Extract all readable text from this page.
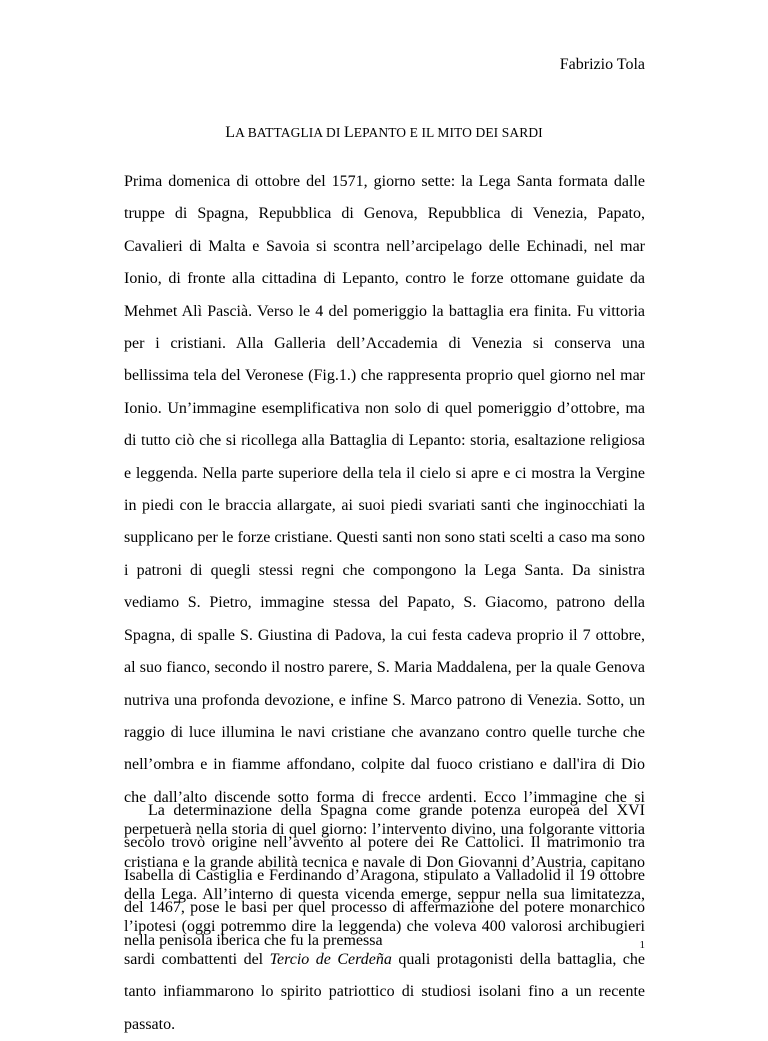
Fabrizio Tola
LA BATTAGLIA DI LEPANTO E IL MITO DEI SARDI

Prima domenica di ottobre del 1571, giorno sette: la Lega Santa formata dalle truppe di Spagna, Repubblica di Genova, Repubblica di Venezia, Papato, Cavalieri di Malta e Savoia si scontra nell’arcipelago delle Echinadi, nel mar Ionio, di fronte alla cittadina di Lepanto, contro le forze ottomane guidate da Mehmet Alì Pascià. Verso le 4 del pomeriggio la battaglia era finita. Fu vittoria per i cristiani. Alla Galleria dell’Accademia di Venezia si conserva una bellissima tela del Veronese (Fig.1.) che rappresenta proprio quel giorno nel mar Ionio. Un’immagine esemplificativa non solo di quel pomeriggio d’ottobre, ma di tutto ciò che si ricollega alla Battaglia di Lepanto: storia, esaltazione religiosa e leggenda. Nella parte superiore della tela il cielo si apre e ci mostra la Vergine in piedi con le braccia allargate, ai suoi piedi svariati santi che inginocchiati la supplicano per le forze cristiane. Questi santi non sono stati scelti a caso ma sono i patroni di quegli stessi regni che compongono la Lega Santa. Da sinistra vediamo S. Pietro, immagine stessa del Papato, S. Giacomo, patrono della Spagna, di spalle S. Giustina di Padova, la cui festa cadeva proprio il 7 ottobre, al suo fianco, secondo il nostro parere, S. Maria Maddalena, per la quale Genova nutriva una profonda devozione, e infine S. Marco patrono di Venezia. Sotto, un raggio di luce illumina le navi cristiane che avanzano contro quelle turche che nell’ombra e in fiamme affondano, colpite dal fuoco cristiano e dall'ira di Dio che dall’alto discende sotto forma di frecce ardenti. Ecco l’immagine che si perpetuerà nella storia di quel giorno: l’intervento divino, una folgorante vittoria cristiana e la grande abilità tecnica e navale di Don Giovanni d’Austria, capitano della Lega. All’interno di questa vicenda emerge, seppur nella sua limitatezza, l’ipotesi (oggi potremmo dire la leggenda) che voleva 400 valorosi archibugieri sardi combattenti del Tercio de Cerdeña quali protagonisti della battaglia, che tanto infiammarono lo spirito patriottico di studiosi isolani fino a un recente passato.

La determinazione della Spagna come grande potenza europea del XVI secolo trovò origine nell’avvento al potere dei Re Cattolici. Il matrimonio tra Isabella di Castiglia e Ferdinando d’Aragona, stipulato a Valladolid il 19 ottobre del 1467, pose le basi per quel processo di affermazione del potere monarchico nella penisola iberica che fu la premessa	1
